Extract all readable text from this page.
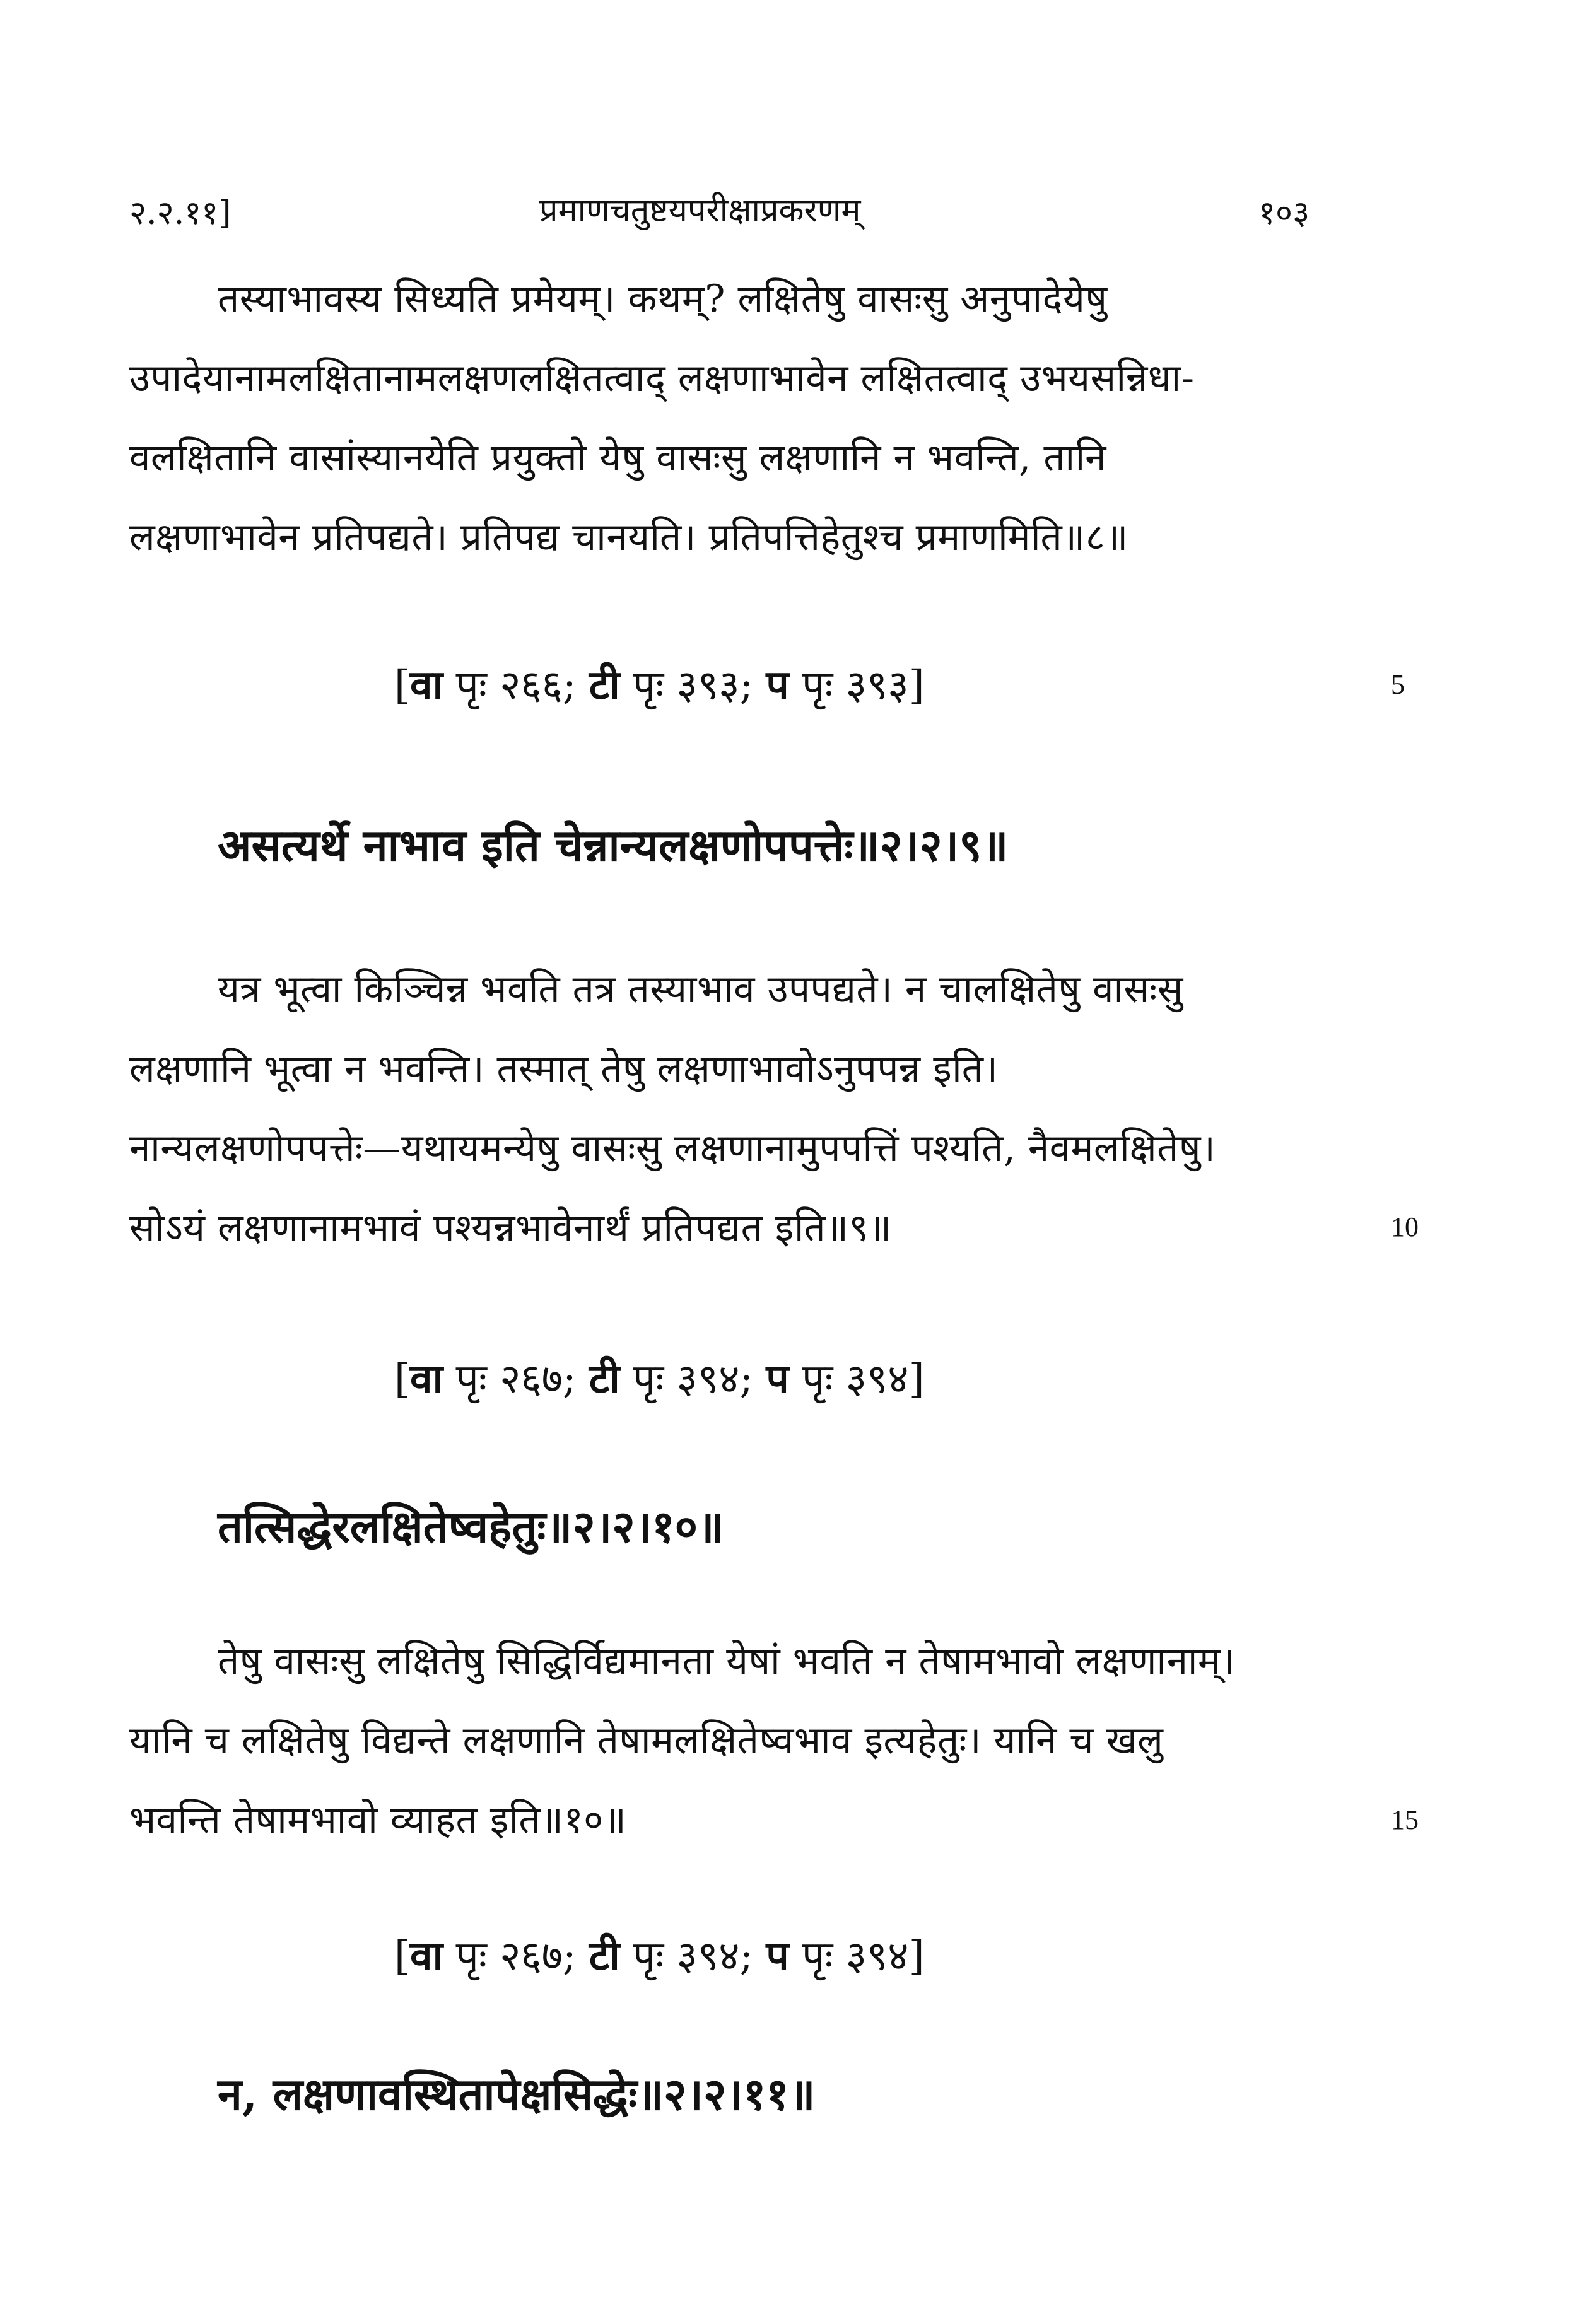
२.२.११]	प्रमाणचतुष्टयपरीक्षाप्रकरणम्	१०३
तस्याभावस्य सिध्यति प्रमेयम्। कथम्? लक्षितेषु वासःसु अनुपादेयेषु
उपादेयानामलक्षितानामलक्षणलक्षितत्वाद् लक्षणाभावेन लक्षितत्वाद् उभयसन्निधा-
वलक्षितानि वासांस्यानयेति प्रयुक्तो येषु वासःसु लक्षणानि न भवन्ति, तानि
लक्षणाभावेन प्रतिपद्यते। प्रतिपद्य चानयति। प्रतिपत्तिहेतुश्च प्रमाणमिति॥८॥
[वा पृः २६६; टी पृः ३९३; प पृः ३९३]	5
असत्यर्थे नाभाव इति चेन्नान्यलक्षणोपपत्तेः॥२।२।९॥
यत्र भूत्वा किञ्चिन्न भवति तत्र तस्याभाव उपपद्यते। न चालक्षितेषु वासःसु
लक्षणानि भूत्वा न भवन्ति। तस्मात् तेषु लक्षणाभावोऽनुपपन्न इति।
नान्यलक्षणोपपत्तेः—यथायमन्येषु वासःसु लक्षणानामुपपत्तिं पश्यति, नैवमलक्षितेषु।
सोऽयं लक्षणानामभावं पश्यन्नभावेनार्थं प्रतिपद्यत इति॥९॥	10
[वा पृः २६७; टी पृः ३९४; प पृः ३९४]
तत्सिद्धेरलक्षितेष्वहेतुः॥२।२।१०॥
तेषु वासःसु लक्षितेषु सिद्धिर्विद्यमानता येषां भवति न तेषामभावो लक्षणानाम्।
यानि च लक्षितेषु विद्यन्ते लक्षणानि तेषामलक्षितेष्वभाव इत्यहेतुः। यानि च खलु
भवन्ति तेषामभावो व्याहत इति॥१०॥	15
[वा पृः २६७; टी पृः ३९४; प पृः ३९४]
न, लक्षणावस्थितापेक्षसिद्धेः॥२।२।११॥
